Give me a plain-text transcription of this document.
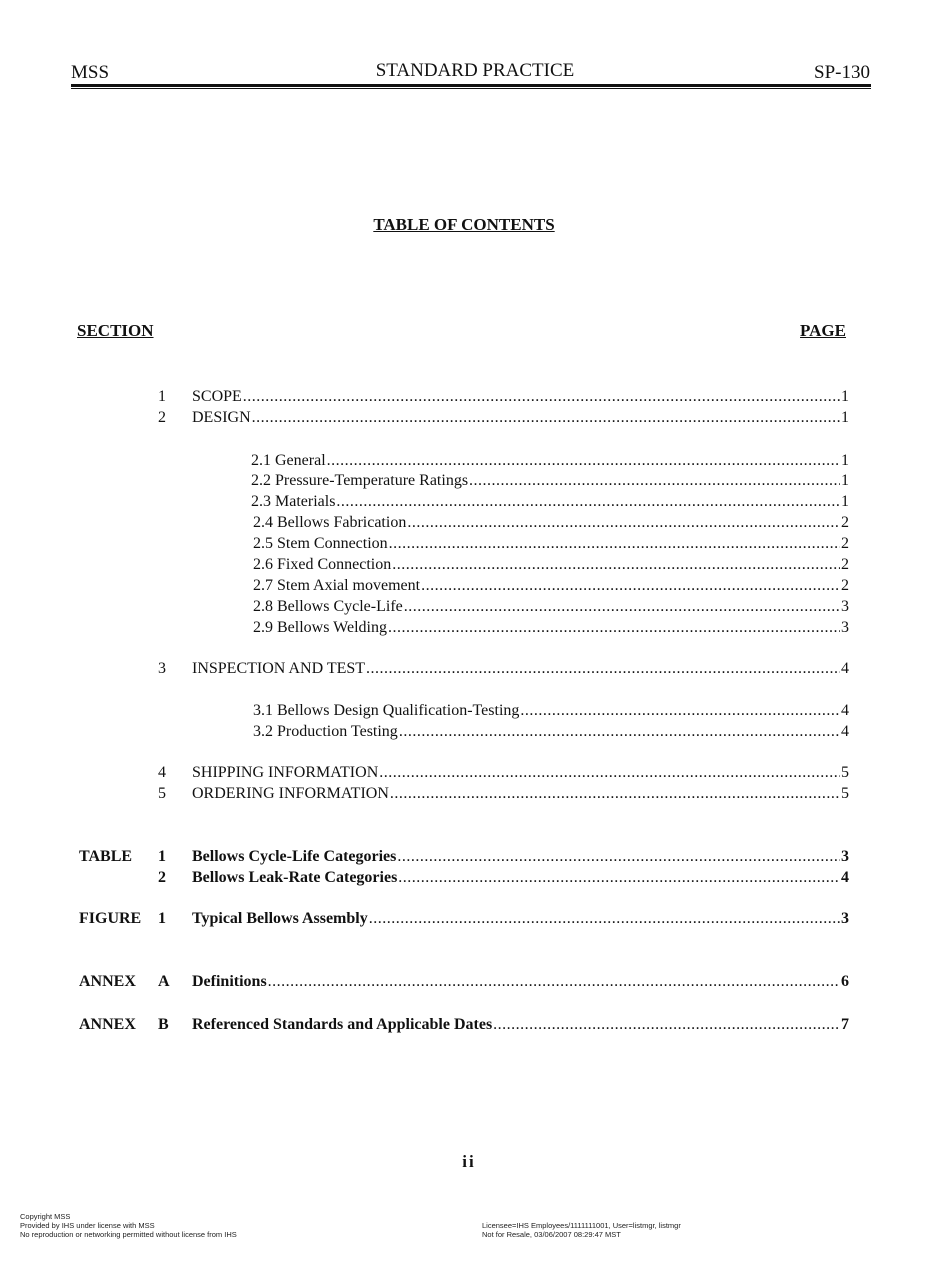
MSS	STANDARD PRACTICE	SP-130
TABLE OF CONTENTS
SECTION	PAGE
1 SCOPE .....	1
2 DESIGN .....	1
2.1 General .....	1
2.2 Pressure-Temperature Ratings .....	1
2.3 Materials .....	1
2.4 Bellows Fabrication .....	2
2.5 Stem Connection .....	2
2.6 Fixed Connection .....	2
2.7 Stem Axial movement .....	2
2.8 Bellows Cycle-Life .....	3
2.9 Bellows Welding .....	3
3 INSPECTION AND TEST .....	4
3.1 Bellows Design Qualification-Testing .....	4
3.2 Production Testing .....	4
4 SHIPPING INFORMATION .....	5
5 ORDERING INFORMATION .....	5
TABLE	1 Bellows Cycle-Life Categories .....	3
2 Bellows Leak-Rate Categories .....	4
FIGURE	1 Typical Bellows Assembly .....	3
ANNEX	A Definitions .....	6
ANNEX	B Referenced Standards and Applicable Dates .....	7
ii
Copyright MSS
Provided by IHS under license with MSS
No reproduction or networking permitted without license from IHS
Licensee=IHS Employees/1111111001, User=listmgr, listmgr
Not for Resale, 03/06/2007 08:29:47 MST
